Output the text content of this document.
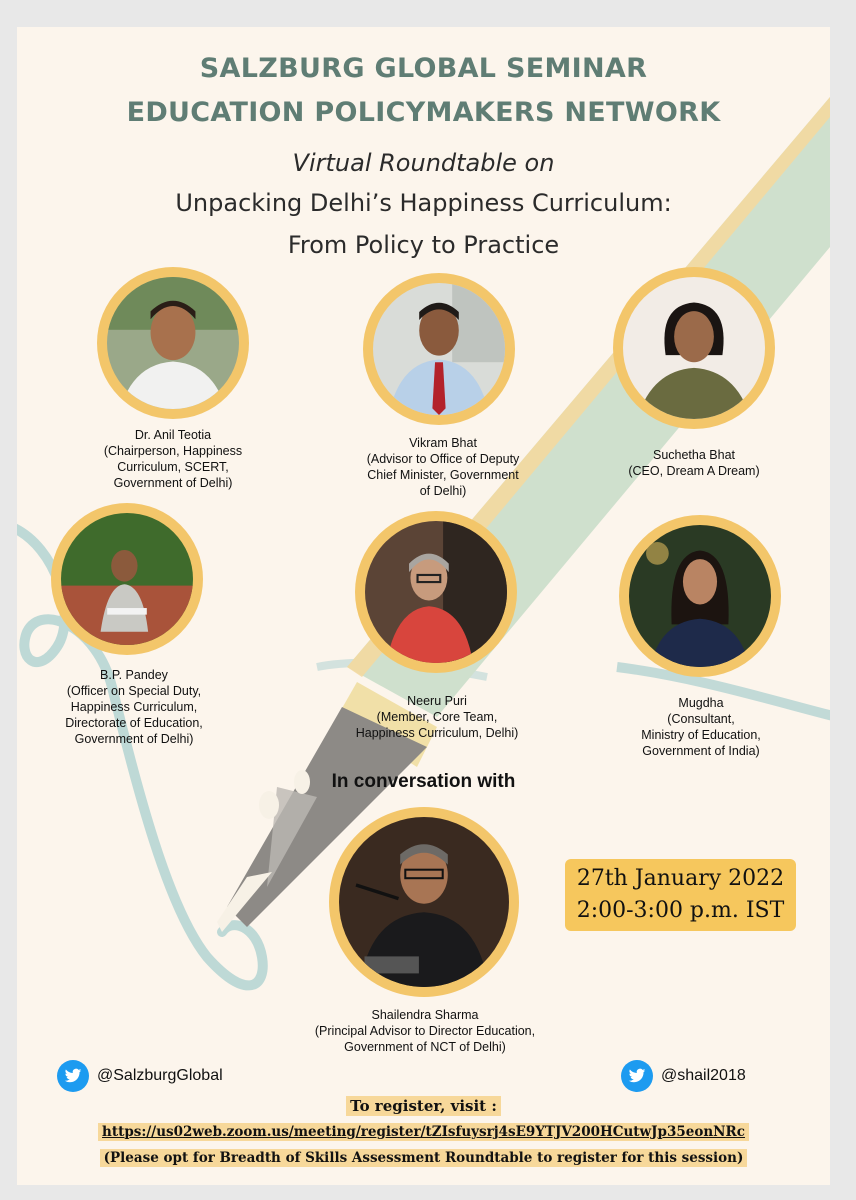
SALZBURG GLOBAL SEMINAR
EDUCATION POLICYMAKERS NETWORK
Virtual Roundtable on
Unpacking Delhi’s Happiness Curriculum:
From Policy to Practice
Dr. Anil Teotia
(Chairperson, Happiness
Curriculum, SCERT,
Government of Delhi)
Vikram Bhat
(Advisor to Office of Deputy
Chief Minister, Government
of Delhi)
Suchetha Bhat
(CEO, Dream A Dream)
B.P. Pandey
(Officer on Special Duty,
Happiness Curriculum,
Directorate of Education,
Government of Delhi)
Neeru Puri
(Member, Core Team,
Happiness Curriculum, Delhi)
Mugdha
(Consultant,
Ministry of Education,
Government of India)
In conversation with
Shailendra Sharma
(Principal Advisor to Director Education,
Government of NCT of Delhi)
27th January 2022
2:00-3:00 p.m. IST
@SalzburgGlobal	@shail2018
To register, visit :
https://us02web.zoom.us/meeting/register/tZIsfuysrj4sE9YTJV200HCutwJp35eonNRc
(Please opt for Breadth of Skills Assessment Roundtable to register for this session)
